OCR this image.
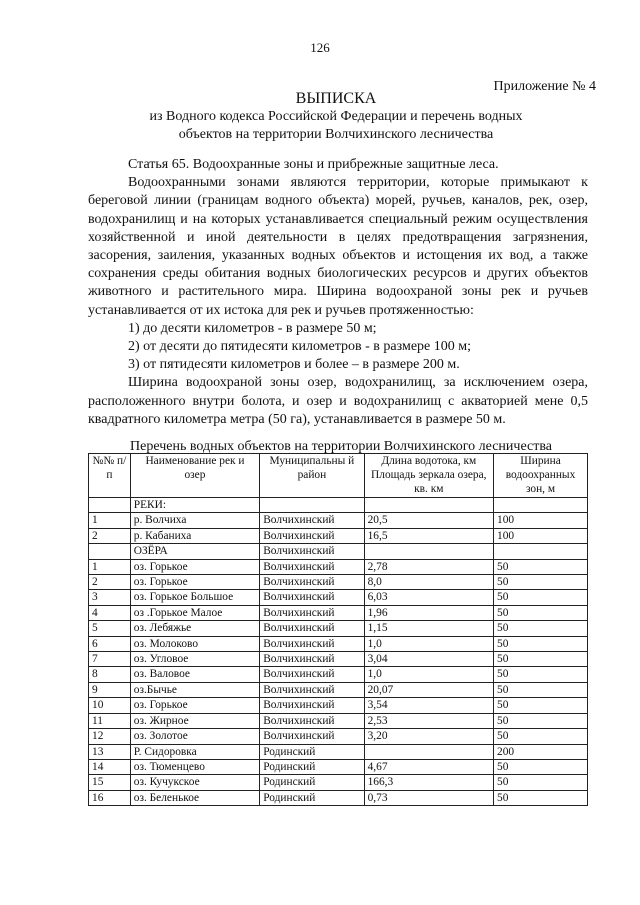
126
Приложение № 4
ВЫПИСКА
из Водного кодекса Российской Федерации и перечень водных
объектов на территории Волчихинского лесничества

Статья 65. Водоохранные зоны и прибрежные защитные леса.

Водоохранными зонами являются территории, которые примыкают к береговой линии (границам водного объекта) морей, ручьев, каналов, рек, озер, водохранилищ и на которых устанавливается специальный режим осуществления хозяйственной и иной деятельности в целях предотвращения загрязнения, засорения, заиления, указанных водных объектов и истощения их вод, а также сохранения среды обитания водных биологических ресурсов и других объектов животного и растительного мира. Ширина водоохраной зоны рек и ручьев устанавливается от их истока для рек и ручьев протяженностью:

1) до десяти километров - в размере 50 м;

2) от десяти до пятидесяти километров - в размере 100 м;

3) от пятидесяти километров и более – в размере 200 м.

Ширина водоохраной зоны озер, водохранилищ, за исключением озера, расположенного внутри болота, и озер и водохранилищ с акваторией мене 0,5 квадратного километра метра (50 га), устанавливается в размере 50 м.

Перечень водных объектов на территории Волчихинского лесничества
№№ п/п	Наименование рек и озер	Муниципальны й район	Длина водотока, км Площадь зеркала озера, кв. км	Ширина водоохранных зон, м
	РЕКИ:			
1	р. Волчиха	Волчихинский	20,5	100
2	р. Кабаниха	Волчихинский	16,5	100
	ОЗЁРА	Волчихинский		
1	оз. Горькое	Волчихинский	2,78	50
2	оз. Горькое	Волчихинский	8,0	50
3	оз. Горькое Большое	Волчихинский	6,03	50
4	оз .Горькое Малое	Волчихинский	1,96	50
5	оз. Лебяжье	Волчихинский	1,15	50
6	оз. Молоково	Волчихинский	1,0	50
7	оз. Угловое	Волчихинский	3,04	50
8	оз. Валовое	Волчихинский	1,0	50
9	оз.Бычье	Волчихинский	20,07	50
10	оз. Горькое	Волчихинский	3,54	50
11	оз. Жирное	Волчихинский	2,53	50
12	оз. Золотое	Волчихинский	3,20	50
13	Р. Сидоровка	Родинский		200
14	оз. Тюменцево	Родинский	4,67	50
15	оз. Кучукское	Родинский	166,3	50
16	оз. Беленькое	Родинский	0,73	50
